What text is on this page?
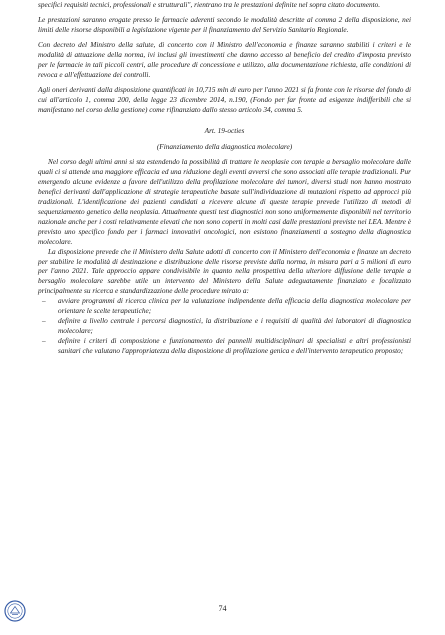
specifici requisiti tecnici, professionali e strutturali", rientrano tra le prestazioni definite nel sopra citato documento.

Le prestazioni saranno erogate presso le farmacie aderenti secondo le modalità descritte al comma 2 della disposizione, nei limiti delle risorse disponibili a legislazione vigente per il finanziamento del Servizio Sanitario Regionale.

Con decreto del Ministro della salute, di concerto con il Ministro dell'economia e finanze saranno stabiliti i criteri e le modalità di attuazione della norma, ivi inclusi gli investimenti che danno accesso al beneficio del credito d'imposta previsto per le farmacie in tali piccoli centri, alle procedure di concessione e utilizzo, alla documentazione richiesta, alle condizioni di revoca e all'effettuazione dei controlli.

Agli oneri derivanti dalla disposizione quantificati in 10,715 mln di euro per l'anno 2021 si fa fronte con le risorse del fondo di cui all'articolo 1, comma 200, della legge 23 dicembre 2014, n.190, (Fondo per far fronte ad esigenze indifferibili che si manifestano nel corso della gestione) come rifinanziato dallo stesso articolo 34, comma 5.

Art. 19-octies

(Finanziamento della diagnostica molecolare)

Nel corso degli ultimi anni si sta estendendo la possibilità di trattare le neoplasie con terapie a bersaglio molecolare dalle quali ci si attende una maggiore efficacia ed una riduzione degli eventi avversi che sono associati alle terapie tradizionali. Pur emergendo alcune evidenze a favore dell'utilizzo della profilazione molecolare dei tumori, diversi studi non hanno mostrato benefici derivanti dall'applicazione di strategie terapeutiche basate sull'individuazione di mutazioni rispetto ad approcci più tradizionali. L'identificazione dei pazienti candidati a ricevere alcune di queste terapie prevede l'utilizzo di metodi di sequenziamento genetico della neoplasia. Attualmente questi test diagnostici non sono uniformemente disponibili nel territorio nazionale anche per i costi relativamente elevati che non sono coperti in molti casi dalle prestazioni previste nei LEA. Mentre è previsto uno specifico fondo per i farmaci innovativi oncologici, non esistono finanziamenti a sostegno della diagnostica molecolare.

La disposizione prevede che il Ministero della Salute adotti di concerto con il Ministero dell'economia e finanze un decreto per stabilire le modalità di destinazione e distribuzione delle risorse previste dalla norma, in misura pari a 5 milioni di euro per l'anno 2021. Tale approccio appare condivisibile in quanto nella prospettiva della ulteriore diffusione delle terapie a bersaglio molecolare sarebbe utile un intervento del Ministero della Salute adeguatamente finanziato e focalizzato principalmente su ricerca e standardizzazione delle procedure mirato a:

– avviare programmi di ricerca clinica per la valutazione indipendente della efficacia della diagnostica molecolare per orientare le scelte terapeutiche;
– definire a livello centrale i percorsi diagnostici, la distribuzione e i requisiti di qualità dei laboratori di diagnostica molecolare;
– definire i criteri di composizione e funzionamento dei pannelli multidisciplinari di specialisti e altri professionisti sanitari che valutano l'appropriatezza della disposizione di profilazione genica e dell'intervento terapeutico proposto;
74
